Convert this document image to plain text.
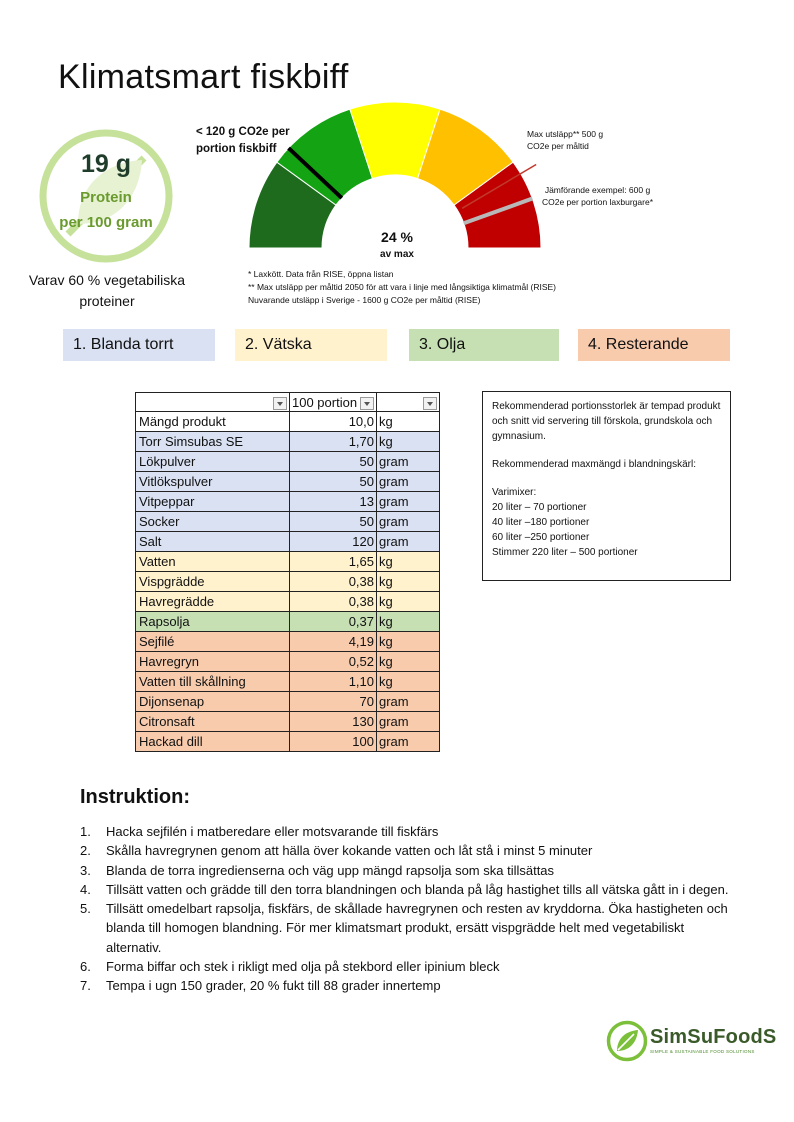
Klimatsmart fiskbiff
19 g
Protein
per 100 gram
Varav 60 % vegetabiliska proteiner
< 120 g CO2e per portion fiskbiff
24 %
av max
Max utsläpp** 500 g CO2e per måltid
Jämförande exempel: 600 g CO2e per portion laxburgare*
* Laxkött. Data från RISE, öppna listan
** Max utsläpp per måltid 2050 för att vara i linje med långsiktiga klimatmål (RISE)
Nuvarande utsläpp i Sverige - 1600 g CO2e per måltid (RISE)
1. Blanda torrt	2. Vätska	3. Olja	4. Resterande
	100 portion

Mängd produkt	10,0	kg
Torr Simsubas SE	1,70	kg
Lökpulver	50	gram
Vitlökspulver	50	gram
Vitpeppar	13	gram
Socker	50	gram
Salt	120	gram
Vatten	1,65	kg
Vispgrädde	0,38	kg
Havregrädde	0,38	kg
Rapsolja	0,37	kg
Sejfilé	4,19	kg
Havregryn	0,52	kg
Vatten till skållning	1,10	kg
Dijonsenap	70	gram
Citronsaft	130	gram
Hackad dill	100	gram

Rekommenderad portionsstorlek är tempad produkt och snitt vid servering till förskola, grundskola och gymnasium.

Rekommenderad maxmängd i blandningskärl:

Varimixer:

20 liter – 70 portioner

40 liter –180 portioner

60 liter –250 portioner

Stimmer 220 liter – 500 portioner

Instruktion:
1. Hacka sejfilén i matberedare eller motsvarande till fiskfärs
2. Skålla havregrynen genom att hälla över kokande vatten och låt stå i minst 5 minuter
3. Blanda de torra ingredienserna och väg upp mängd rapsolja som ska tillsättas
4. Tillsätt vatten och grädde till den torra blandningen och blanda på låg hastighet tills all vätska gått in i degen.
5. Tillsätt omedelbart rapsolja, fiskfärs, de skållade havregrynen och resten av kryddorna. Öka hastigheten och blanda till homogen blandning. För mer klimatsmart produkt, ersätt vispgrädde helt med vegetabiliskt alternativ.
6. Forma biffar och stek i rikligt med olja på stekbord eller ipinium bleck
7. Tempa i ugn 150 grader, 20 % fukt till 88 grader innertemp
SimSuFoodS
SIMPLE & SUSTAINABLE FOOD SOLUTIONS
